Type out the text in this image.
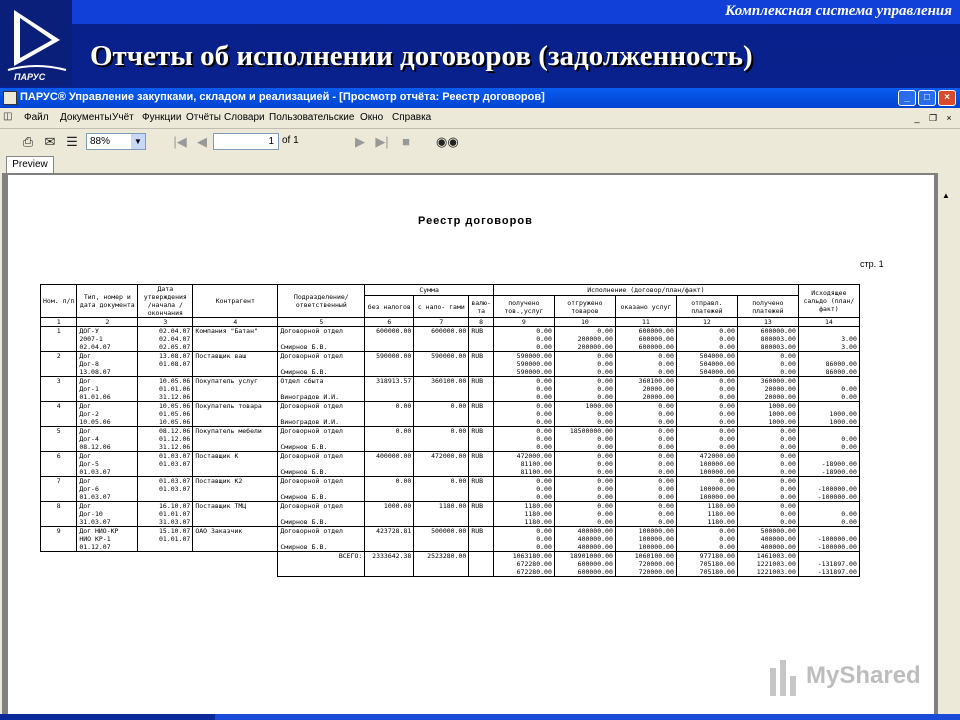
Комплексная система управления
ПАРУС
Отчеты об исполнении договоров (задолженность)
ПАРУС® Управление закупками, складом и реализацией - [Просмотр отчёта: Реестр договоров]	_	□	×
◫	Файл Документы Учёт Функции Отчёты Словари Пользовательские Окно Справка	_ ❐ ×
⎙ ✉ ☰	88%	▼ |◀ ◀	1 of 1	▶ ▶|	■	◉◉
Preview
Реестр договоров
стр. 1
Ном. п/п	Тип, номер и дата документа	Дата утверждения /начала /окончания	Контрагент	Подразделение/ ответственный	Сумма			Исполнение (договор/план/факт)					Исходящее сальдо (план/факт)
					без налогов	с нало- гами	валю- та	получено тов.,услуг	отгружено товаров	оказано услуг	отправл. платежей	получено платежей	
1	2	3	4	5	6	7	8	9	10	11	12	13	14
1	ДОГ-У	02.04.07	Компания "Батан"	Договорной отдел	600000.00	600000.00	RUB	0.00	0.00	600000.00	0.00	600000.00	
	2007-1	02.04.07						0.00	200000.00	600000.00	0.00	800003.00	3.00
	02.04.07	02.05.07		Смирнов Б.В.				0.00	200000.00	600000.00	0.00	800003.00	3.00
2	Дог	13.08.07	Поставщик ваш	Договорной отдел	590000.00	590000.00	RUB	590000.00	0.00	0.00	504000.00	0.00	
	Дог-8	01.08.07						590000.00	0.00	0.00	504000.00	0.00	86000.00
	13.08.07			Смирнов Б.В.				590000.00	0.00	0.00	504000.00	0.00	86000.00
3	Дог	10.05.06	Покупатель услуг	Отдел сбыта	318913.57	360100.00	RUB	0.00	0.00	360100.00	0.00	360000.00	
	Дог-1	01.01.06						0.00	0.00	20000.00	0.00	20000.00	0.00
	01.01.06	31.12.06		Виноградов И.И.				0.00	0.00	20000.00	0.00	20000.00	0.00
4	Дог	10.05.06	Покупатель товара	Договорной отдел	0.00	0.00	RUB	0.00	1000.00	0.00	0.00	1000.00	
	Дог-2	01.05.06						0.00	0.00	0.00	0.00	1000.00	1000.00
	10.05.06	10.05.06		Виноградов И.И.				0.00	0.00	0.00	0.00	1000.00	1000.00
5	Дог	08.12.06	Покупатель мебели	Договорной отдел	0.00	0.00	RUB	0.00	18500000.00	0.00	0.00	0.00	
	Дог-4	01.12.06						0.00	0.00	0.00	0.00	0.00	0.00
	08.12.06	31.12.06		Смирнов Б.В.				0.00	0.00	0.00	0.00	0.00	0.00
6	Дог	01.03.07	Поставщик К	Договорной отдел	400000.00	472000.00	RUB	472000.00	0.00	0.00	472000.00	0.00	
	Дог-5	01.03.07						81100.00	0.00	0.00	100000.00	0.00	-18900.00
	01.03.07			Смирнов Б.В.				81100.00	0.00	0.00	100000.00	0.00	-18900.00
7	Дог	01.03.07	Поставщик К2	Договорной отдел	0.00	0.00	RUB	0.00	0.00	0.00	0.00	0.00	
	Дог-6	01.03.07						0.00	0.00	0.00	100000.00	0.00	-100000.00
	01.03.07			Смирнов Б.В.				0.00	0.00	0.00	100000.00	0.00	-100000.00
8	Дог	16.10.07	Поставщик ТМЦ	Договорной отдел	1000.00	1180.00	RUB	1180.00	0.00	0.00	1180.00	0.00	
	Дог-10	01.01.07						1180.00	0.00	0.00	1180.00	0.00	0.00
	31.03.07	31.03.07		Смирнов Б.В.				1180.00	0.00	0.00	1180.00	0.00	0.00
9	Дог НИО-КР	15.10.07	ОАО Заказчик	Договорной отдел	423728.81	500000.00	RUB	0.00	400000.00	100000.00	0.00	500000.00	
	НИО КР-1	01.01.07						0.00	400000.00	100000.00	0.00	400000.00	-100000.00
	01.12.07			Смирнов Б.В.				0.00	400000.00	100000.00	0.00	400000.00	-100000.00
				ВСЕГО:	2333642.38	2523280.00		1063180.00	18901000.00	1060100.00	977180.00	1461003.00	
								672280.00	600000.00	720000.00	705180.00	1221003.00	-131897.00
								672280.00	600000.00	720000.00	705180.00	1221003.00	-131897.00
▲
MyShared
